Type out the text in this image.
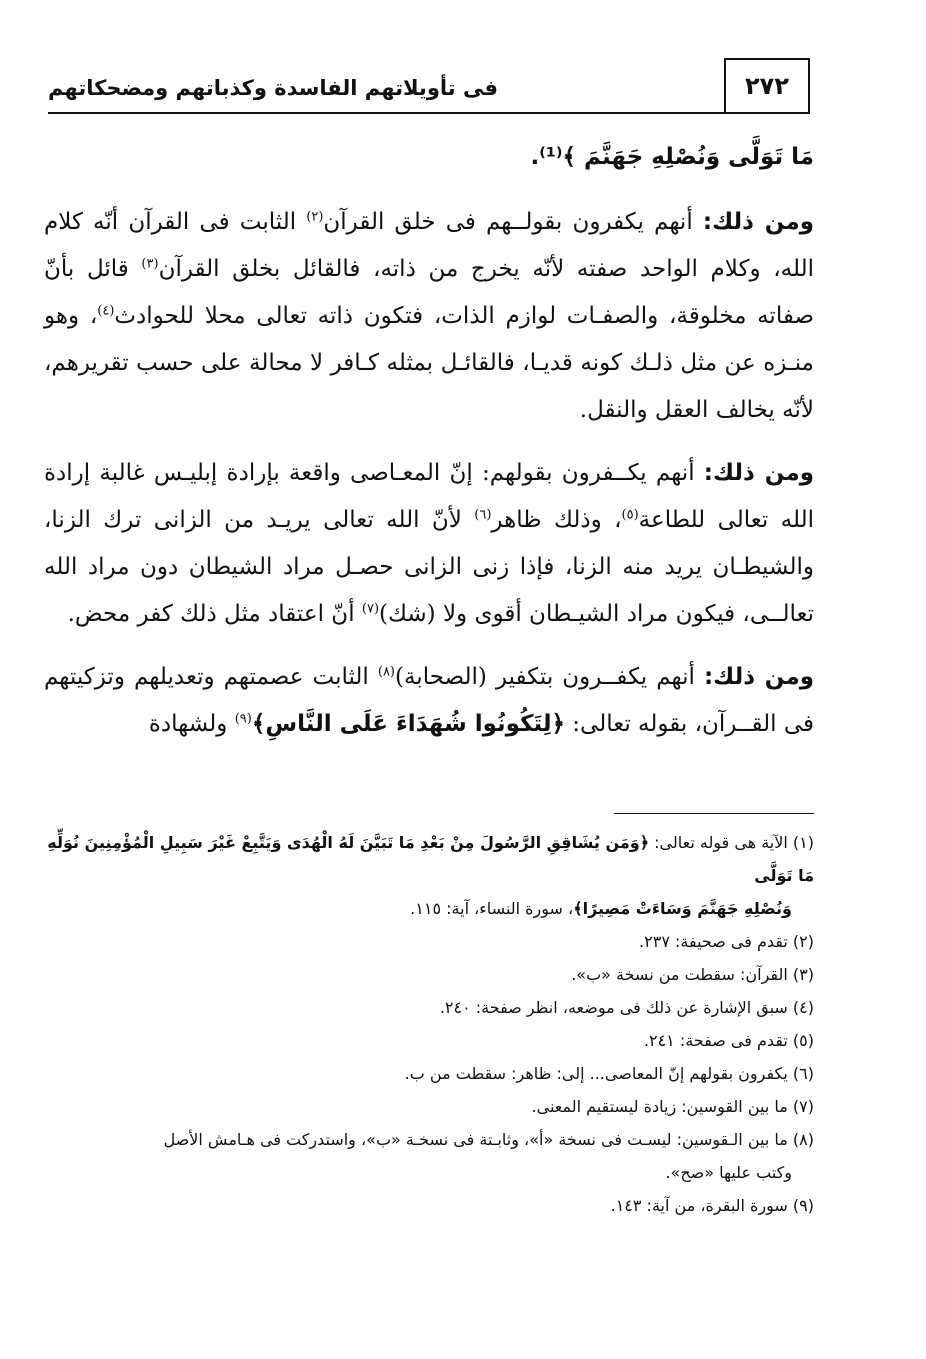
٢٧٢
فى تأويلاتهم الفاسدة وكذباتهم ومضحكاتهم

مَا تَوَلَّى وَنُصْلِهِ جَهَنَّمَ ﴾⁽¹⁾.

ومن ذلك: أنهم يكفرون بقولــهم فى خلق القرآن$^{(٢)}$ الثابت فى القرآن أنّه كلام الله، وكلام الواحد صفته لأنّه يخرج من ذاته، فالقائل بخلق القرآن$^{(٣)}$ قائل بأنّ صفاته مخلوقة، والصفـات لوازم الذات، فتكون ذاته تعالى محلا للحوادث$^{(٤)}$، وهو منـزه عن مثل ذلـك كونه قديـا، فالقائـل بمثله كـافر لا محالة على حسب تقريرهم، لأنّه يخالف العقل والنقل.

ومن ذلك: أنهم يكــفرون بقولهم: إنّ المعـاصى واقعة بإرادة إبليـس غالبة إرادة الله تعالى للطاعة$^{(٥)}$، وذلك ظاهر$^{(٦)}$ لأنّ الله تعالى يريـد من الزانى ترك الزنا، والشيطـان يريد منه الزنا، فإذا زنى الزانى حصـل مراد الشيطان دون مراد الله تعالــى، فيكون مراد الشيـطان أقوى ولا (شك)$^{(٧)}$ أنّ اعتقاد مثل ذلك كفر محض.

ومن ذلك: أنهم يكفــرون بتكفير (الصحابة)$^{(٨)}$ الثابت عصمتهم وتعديلهم وتزكيتهم فى القــرآن، بقوله تعالى: ﴿لِتَكُونُوا شُهَدَاءَ عَلَى النَّاسِ﴾$^{(٩)}$ ولشهادة

(١) الآية هى قوله تعالى: ﴿وَمَن يُشَاقِقِ الرَّسُولَ مِنْ بَعْدِ مَا تَبَيَّنَ لَهُ الْهُدَى وَيَتَّبِعْ غَيْرَ سَبِيلِ الْمُؤْمِنِينَ نُوَلِّهِ مَا تَوَلَّى
وَنُصْلِهِ جَهَنَّمَ وَسَاءَتْ مَصِيرًا﴾، سورة النساء، آية: ١١٥.

(٢) تقدم فى صحيفة: ٢٣٧.

(٣) القرآن: سقطت من نسخة «ب».

(٤) سبق الإشارة عن ذلك فى موضعه، انظر صفحة: ٢٤٠.

(٥) تقدم فى صفحة: ٢٤١.

(٦) يكفرون بقولهم إنّ المعاصى... إلى: ظاهر: سقطت من ب.

(٧) ما بين القوسين: زيادة ليستقيم المعنى.

(٨) ما بين الـقوسين: ليسـت فى نسخة «أ»، وثابـتة فى نسخـة «ب»، واستدركت فى هـامش الأصل
وكتب عليها «صح».

(٩) سورة البقرة، من آية: ١٤٣.
